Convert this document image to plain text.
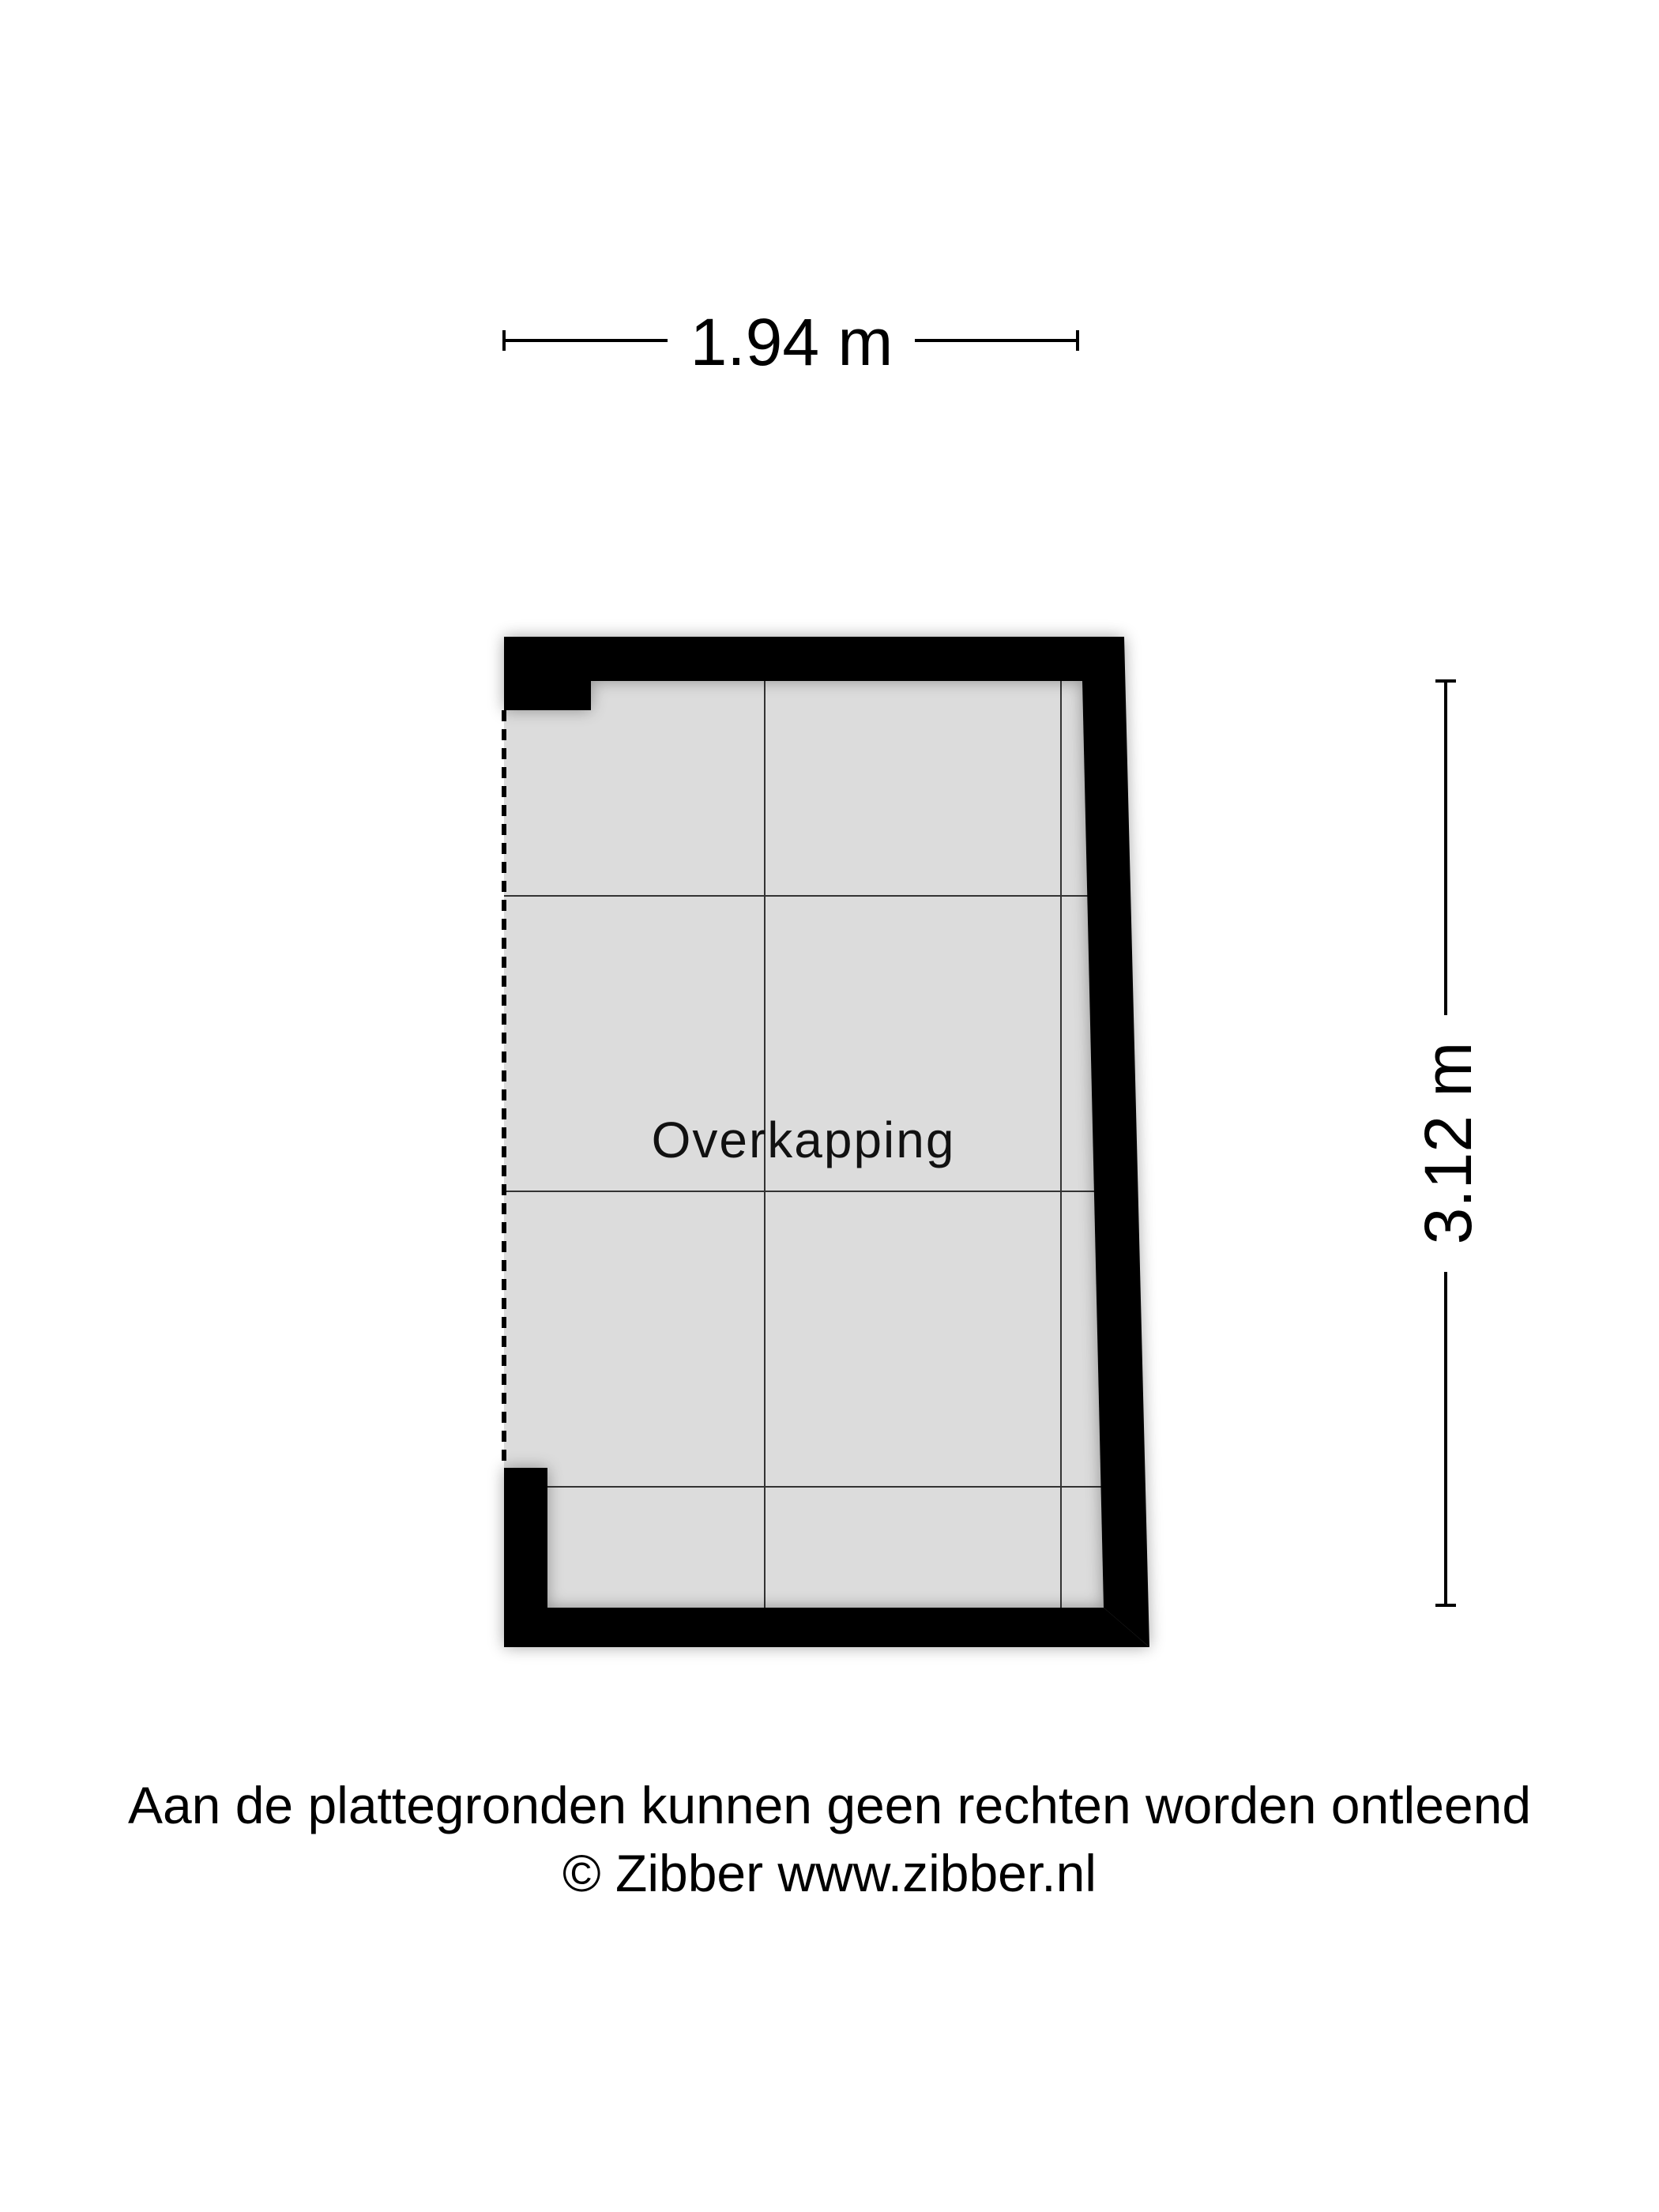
1.94 m
3.12 m
Overkapping
Aan de plattegronden kunnen geen rechten worden ontleend
© Zibber www.zibber.nl
